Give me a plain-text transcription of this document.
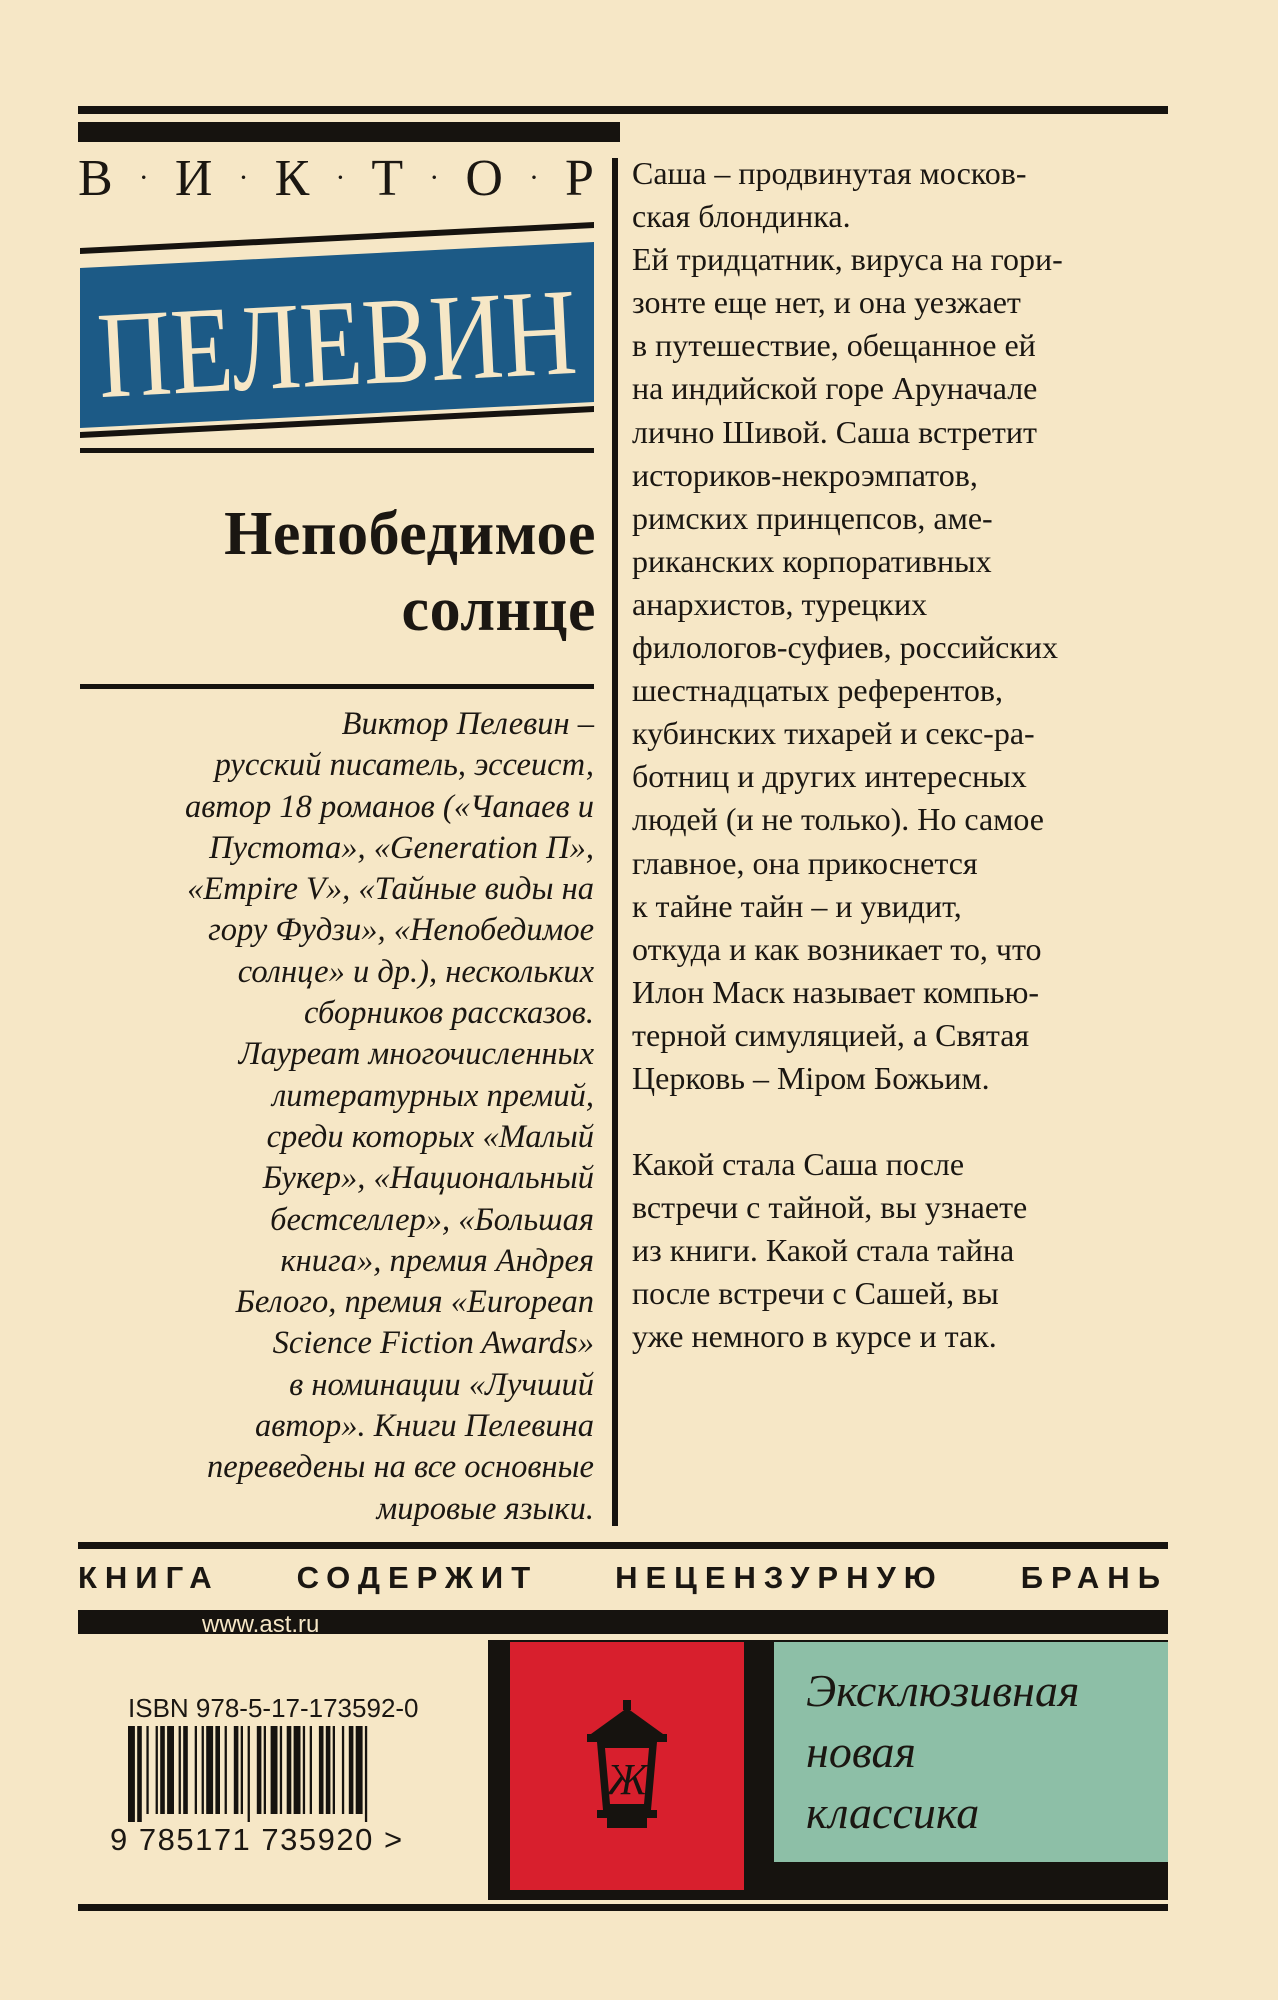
В · И · К · Т · О · Р
ПЕЛЕВИН
Непобедимое
солнце
Виктор Пелевин –
русский писатель, эссеист,
автор 18 романов («Чапаев и
Пустота», «Generation П»,
«Empire V», «Тайные виды на
гору Фудзи», «Непобедимое
солнце» и др.), нескольких
сборников рассказов.
Лауреат многочисленных
литературных премий,
среди которых «Малый
Букер», «Национальный
бестселлер», «Большая
книга», премия Андрея
Белого, премия «European
Science Fiction Awards»
в номинации «Лучший
автор». Книги Пелевина
переведены на все основные
мировые языки.
Саша – продвинутая москов-
ская блондинка.
Ей тридцатник, вируса на гори-
зонте еще нет, и она уезжает
в путешествие, обещанное ей
на индийской горе Аруначале
лично Шивой. Саша встретит
историков-некроэмпатов,
римских принцепсов, аме-
риканских корпоративных
анархистов, турецких
филологов-суфиев, российских
шестнадцатых референтов,
кубинских тихарей и секс-ра-
ботниц и других интересных
людей (и не только). Но самое
главное, она прикоснется
к тайне тайн – и увидит,
откуда и как возникает то, что
Илон Маск называет компью-
терной симуляцией, а Святая
Церковь – Міром Божьим.
Какой стала Саша после
встречи с тайной, вы узнаете
из книги. Какой стала тайна
после встречи с Сашей, вы
уже немного в курсе и так.
КНИГА СОДЕРЖИТ НЕЦЕНЗУРНУЮ БРАНЬ
www.ast.ru
ISBN 978-5-17-173592-0
9 785171 735920 >
Ж
Эксклюзивная
новая
классика
